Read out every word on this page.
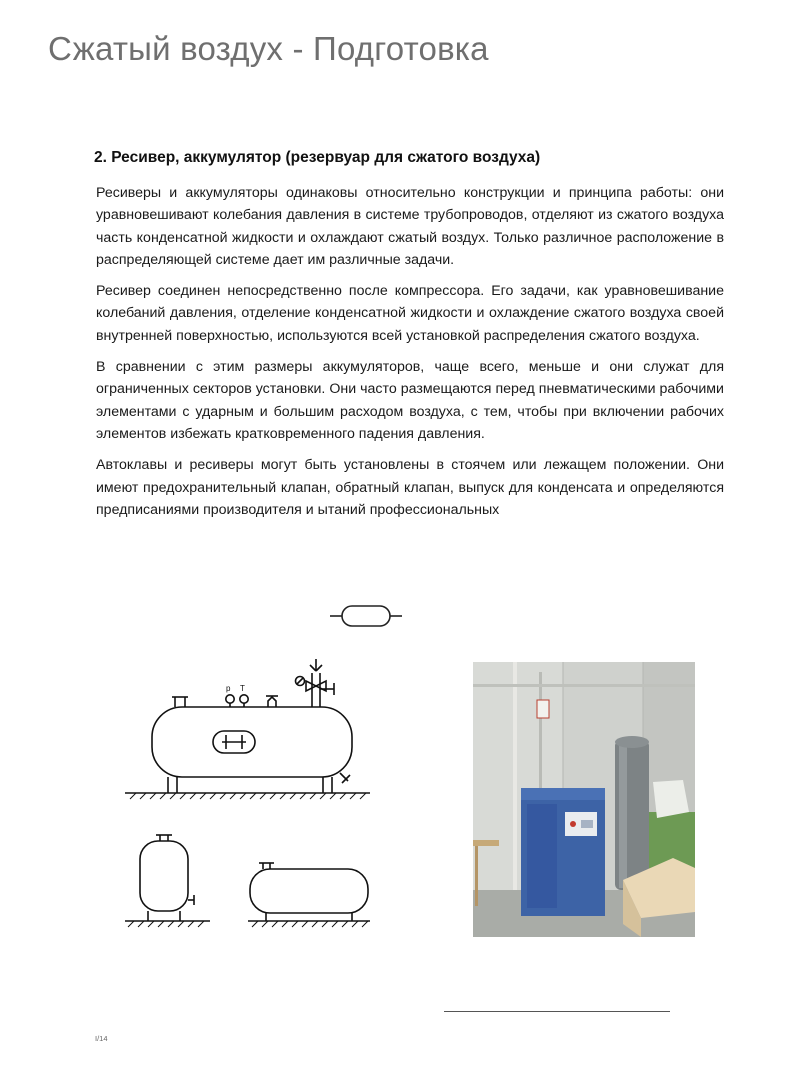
Сжатый воздух - Подготовка
2. Ресивер, аккумулятор (резервуар для сжатого воздуха)

Ресиверы и аккумуляторы одинаковы относительно конструкции и принципа работы: они уравновешивают колебания давления в системе трубопроводов, отделяют из сжатого воздуха часть конденсатной жидкости и охлаждают сжатый воздух. Только различное расположение в распределяющей системе дает им различные задачи.

Ресивер соединен непосредственно после компрессора. Его задачи, как уравновешивание колебаний давления, отделение конденсатной жидкости и охлаждение сжатого воздуха своей внутренней поверхностью, используются всей установкой распределения сжатого воздуха.

В сравнении с этим размеры аккумуляторов, чаще всего, меньше и они служат для ограниченных секторов установки. Они часто размещаются перед пневматическими рабочими элементами с ударным и большим расходом воздуха, с тем, чтобы при включении рабочих элементов избежать кратковременного падения давления.

Автоклавы и ресиверы могут быть установлены в стоячем или лежащем положении. Они имеют предохранительный клапан, обратный клапан, выпуск для конденсата и определяются предписаниями производителя и ытаний профессиональных

p T
I/14
